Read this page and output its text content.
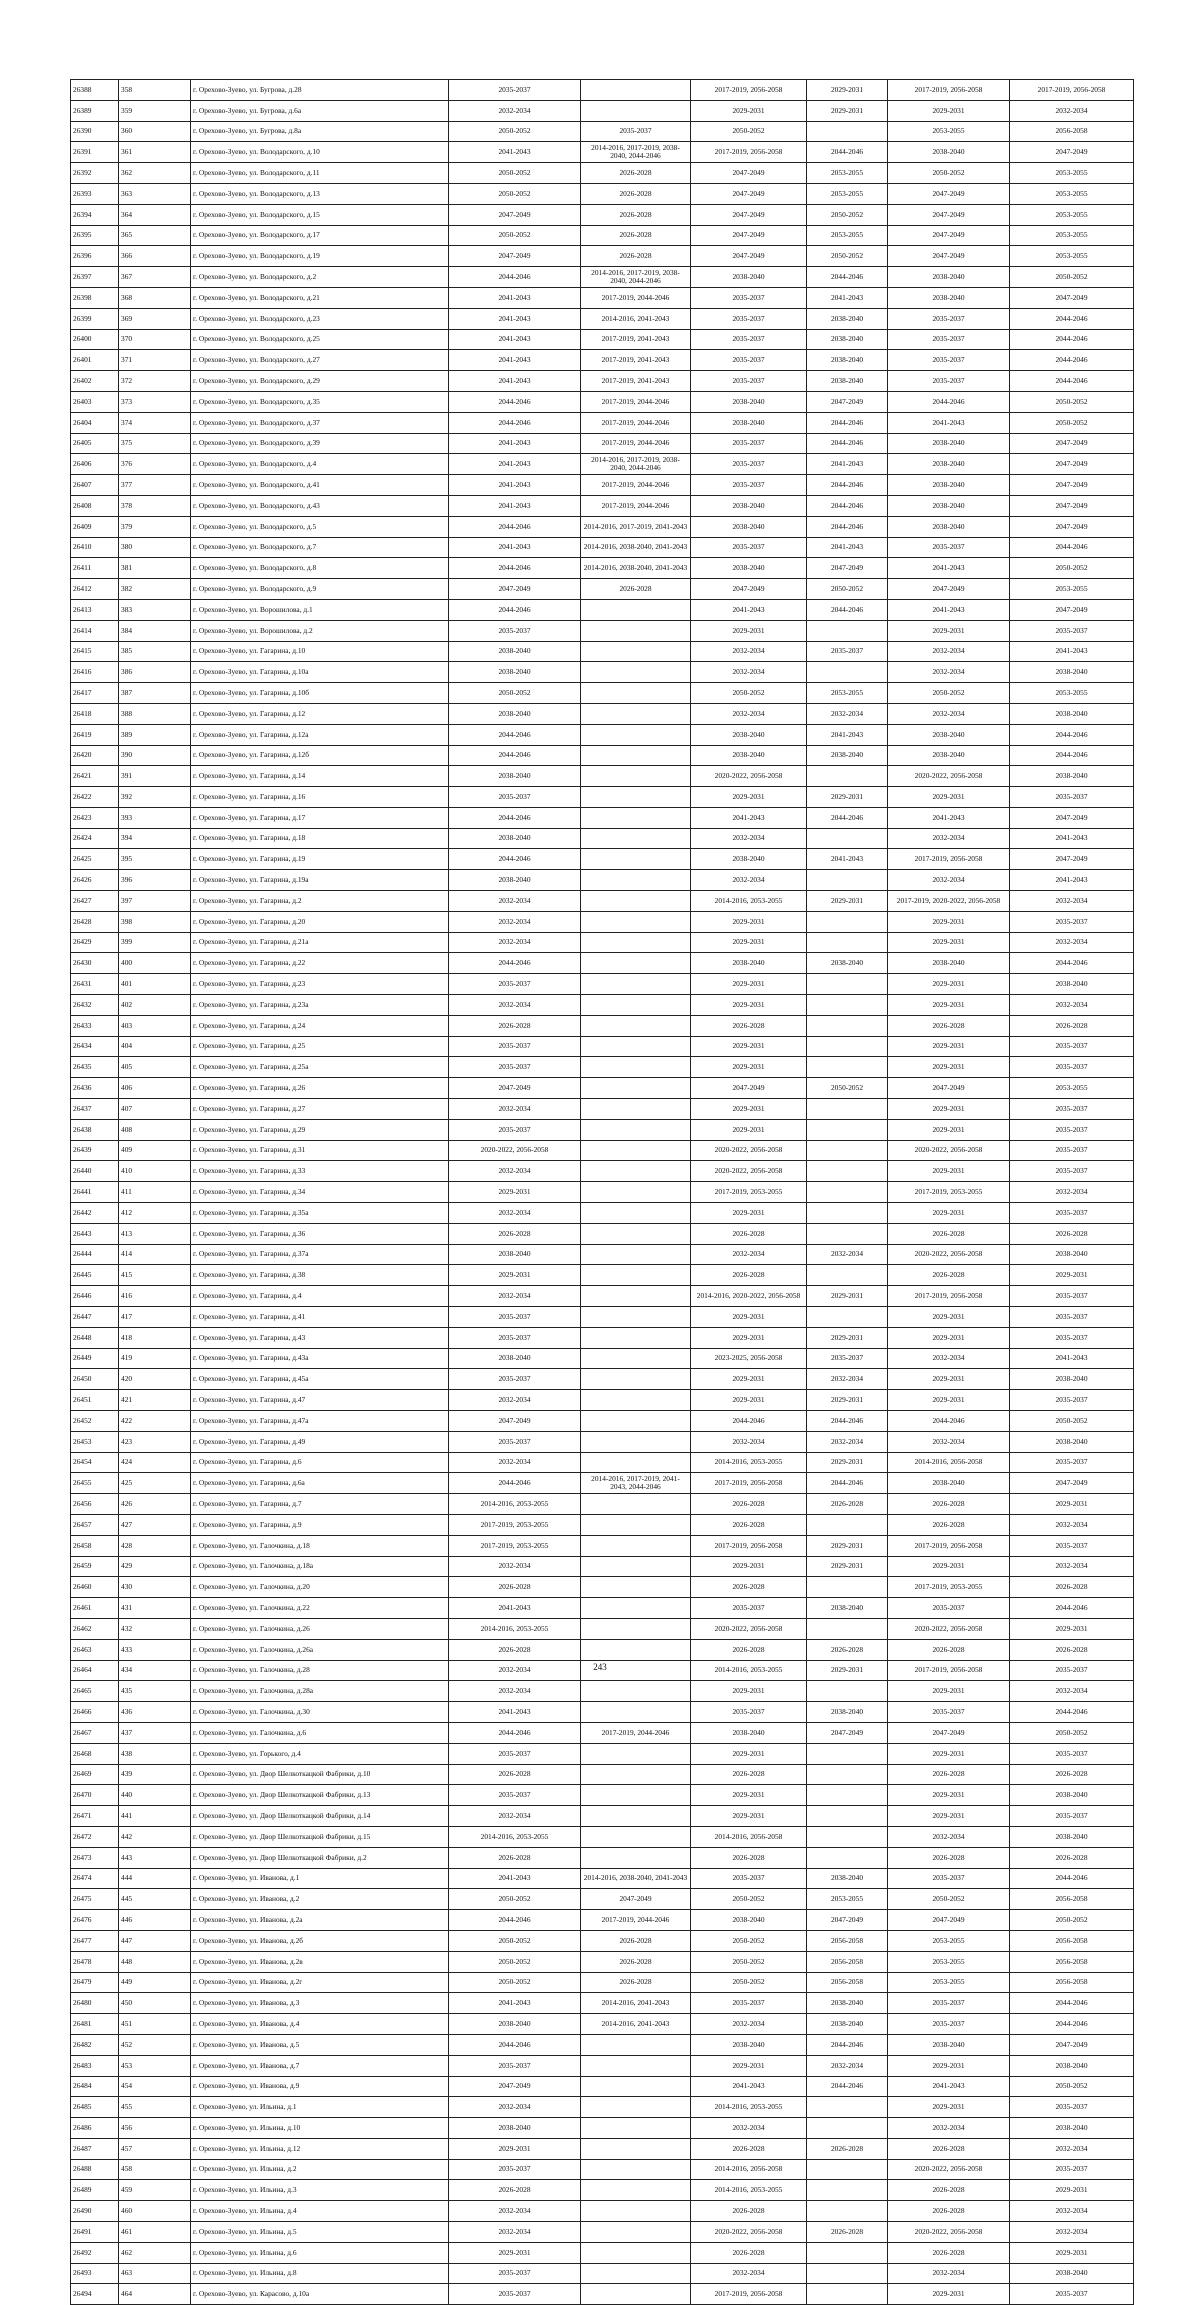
26388	358	г. Орехово-Зуево, ул. Бугрова, д.28	2035-2037		2017-2019, 2056-2058	2029-2031	2017-2019, 2056-2058	2017-2019, 2056-2058
26389	359	г. Орехово-Зуево, ул. Бугрова, д.6а	2032-2034		2029-2031	2029-2031	2029-2031	2032-2034
26390	360	г. Орехово-Зуево, ул. Бугрова, д.8а	2050-2052	2035-2037	2050-2052		2053-2055	2056-2058
26391	361	г. Орехово-Зуево, ул. Володарского, д.10	2041-2043	2014-2016, 2017-2019, 2038-2040, 2044-2046	2017-2019, 2056-2058	2044-2046	2038-2040	2047-2049
26392	362	г. Орехово-Зуево, ул. Володарского, д.11	2050-2052	2026-2028	2047-2049	2053-2055	2050-2052	2053-2055
26393	363	г. Орехово-Зуево, ул. Володарского, д.13	2050-2052	2026-2028	2047-2049	2053-2055	2047-2049	2053-2055
26394	364	г. Орехово-Зуево, ул. Володарского, д.15	2047-2049	2026-2028	2047-2049	2050-2052	2047-2049	2053-2055
26395	365	г. Орехово-Зуево, ул. Володарского, д.17	2050-2052	2026-2028	2047-2049	2053-2055	2047-2049	2053-2055
26396	366	г. Орехово-Зуево, ул. Володарского, д.19	2047-2049	2026-2028	2047-2049	2050-2052	2047-2049	2053-2055
26397	367	г. Орехово-Зуево, ул. Володарского, д.2	2044-2046	2014-2016, 2017-2019, 2038-2040, 2044-2046	2038-2040	2044-2046	2038-2040	2050-2052
26398	368	г. Орехово-Зуево, ул. Володарского, д.21	2041-2043	2017-2019, 2044-2046	2035-2037	2041-2043	2038-2040	2047-2049
26399	369	г. Орехово-Зуево, ул. Володарского, д.23	2041-2043	2014-2016, 2041-2043	2035-2037	2038-2040	2035-2037	2044-2046
26400	370	г. Орехово-Зуево, ул. Володарского, д.25	2041-2043	2017-2019, 2041-2043	2035-2037	2038-2040	2035-2037	2044-2046
26401	371	г. Орехово-Зуево, ул. Володарского, д.27	2041-2043	2017-2019, 2041-2043	2035-2037	2038-2040	2035-2037	2044-2046
26402	372	г. Орехово-Зуево, ул. Володарского, д.29	2041-2043	2017-2019, 2041-2043	2035-2037	2038-2040	2035-2037	2044-2046
26403	373	г. Орехово-Зуево, ул. Володарского, д.35	2044-2046	2017-2019, 2044-2046	2038-2040	2047-2049	2044-2046	2050-2052
26404	374	г. Орехово-Зуево, ул. Володарского, д.37	2044-2046	2017-2019, 2044-2046	2038-2040	2044-2046	2041-2043	2050-2052
26405	375	г. Орехово-Зуево, ул. Володарского, д.39	2041-2043	2017-2019, 2044-2046	2035-2037	2044-2046	2038-2040	2047-2049
26406	376	г. Орехово-Зуево, ул. Володарского, д.4	2041-2043	2014-2016, 2017-2019, 2038-2040, 2044-2046	2035-2037	2041-2043	2038-2040	2047-2049
26407	377	г. Орехово-Зуево, ул. Володарского, д.41	2041-2043	2017-2019, 2044-2046	2035-2037	2044-2046	2038-2040	2047-2049
26408	378	г. Орехово-Зуево, ул. Володарского, д.43	2041-2043	2017-2019, 2044-2046	2038-2040	2044-2046	2038-2040	2047-2049
26409	379	г. Орехово-Зуево, ул. Володарского, д.5	2044-2046	2014-2016, 2017-2019, 2041-2043	2038-2040	2044-2046	2038-2040	2047-2049
26410	380	г. Орехово-Зуево, ул. Володарского, д.7	2041-2043	2014-2016, 2038-2040, 2041-2043	2035-2037	2041-2043	2035-2037	2044-2046
26411	381	г. Орехово-Зуево, ул. Володарского, д.8	2044-2046	2014-2016, 2038-2040, 2041-2043	2038-2040	2047-2049	2041-2043	2050-2052
26412	382	г. Орехово-Зуево, ул. Володарского, д.9	2047-2049	2026-2028	2047-2049	2050-2052	2047-2049	2053-2055
26413	383	г. Орехово-Зуево, ул. Ворошилова, д.1	2044-2046		2041-2043	2044-2046	2041-2043	2047-2049
26414	384	г. Орехово-Зуево, ул. Ворошилова, д.2	2035-2037		2029-2031		2029-2031	2035-2037
26415	385	г. Орехово-Зуево, ул. Гагарина, д.10	2038-2040		2032-2034	2035-2037	2032-2034	2041-2043
26416	386	г. Орехово-Зуево, ул. Гагарина, д.10а	2038-2040		2032-2034		2032-2034	2038-2040
26417	387	г. Орехово-Зуево, ул. Гагарина, д.10б	2050-2052		2050-2052	2053-2055	2050-2052	2053-2055
26418	388	г. Орехово-Зуево, ул. Гагарина, д.12	2038-2040		2032-2034	2032-2034	2032-2034	2038-2040
26419	389	г. Орехово-Зуево, ул. Гагарина, д.12а	2044-2046		2038-2040	2041-2043	2038-2040	2044-2046
26420	390	г. Орехово-Зуево, ул. Гагарина, д.12б	2044-2046		2038-2040	2038-2040	2038-2040	2044-2046
26421	391	г. Орехово-Зуево, ул. Гагарина, д.14	2038-2040		2020-2022, 2056-2058		2020-2022, 2056-2058	2038-2040
26422	392	г. Орехово-Зуево, ул. Гагарина, д.16	2035-2037		2029-2031	2029-2031	2029-2031	2035-2037
26423	393	г. Орехово-Зуево, ул. Гагарина, д.17	2044-2046		2041-2043	2044-2046	2041-2043	2047-2049
26424	394	г. Орехово-Зуево, ул. Гагарина, д.18	2038-2040		2032-2034		2032-2034	2041-2043
26425	395	г. Орехово-Зуево, ул. Гагарина, д.19	2044-2046		2038-2040	2041-2043	2017-2019, 2056-2058	2047-2049
26426	396	г. Орехово-Зуево, ул. Гагарина, д.19а	2038-2040		2032-2034		2032-2034	2041-2043
26427	397	г. Орехово-Зуево, ул. Гагарина, д.2	2032-2034		2014-2016, 2053-2055	2029-2031	2017-2019, 2020-2022, 2056-2058	2032-2034
26428	398	г. Орехово-Зуево, ул. Гагарина, д.20	2032-2034		2029-2031		2029-2031	2035-2037
26429	399	г. Орехово-Зуево, ул. Гагарина, д.21а	2032-2034		2029-2031		2029-2031	2032-2034
26430	400	г. Орехово-Зуево, ул. Гагарина, д.22	2044-2046		2038-2040	2038-2040	2038-2040	2044-2046
26431	401	г. Орехово-Зуево, ул. Гагарина, д.23	2035-2037		2029-2031		2029-2031	2038-2040
26432	402	г. Орехово-Зуево, ул. Гагарина, д.23а	2032-2034		2029-2031		2029-2031	2032-2034
26433	403	г. Орехово-Зуево, ул. Гагарина, д.24	2026-2028		2026-2028		2026-2028	2026-2028
26434	404	г. Орехово-Зуево, ул. Гагарина, д.25	2035-2037		2029-2031		2029-2031	2035-2037
26435	405	г. Орехово-Зуево, ул. Гагарина, д.25а	2035-2037		2029-2031		2029-2031	2035-2037
26436	406	г. Орехово-Зуево, ул. Гагарина, д.26	2047-2049		2047-2049	2050-2052	2047-2049	2053-2055
26437	407	г. Орехово-Зуево, ул. Гагарина, д.27	2032-2034		2029-2031		2029-2031	2035-2037
26438	408	г. Орехово-Зуево, ул. Гагарина, д.29	2035-2037		2029-2031		2029-2031	2035-2037
26439	409	г. Орехово-Зуево, ул. Гагарина, д.31	2020-2022, 2056-2058		2020-2022, 2056-2058		2020-2022, 2056-2058	2035-2037
26440	410	г. Орехово-Зуево, ул. Гагарина, д.33	2032-2034		2020-2022, 2056-2058		2029-2031	2035-2037
26441	411	г. Орехово-Зуево, ул. Гагарина, д.34	2029-2031		2017-2019, 2053-2055		2017-2019, 2053-2055	2032-2034
26442	412	г. Орехово-Зуево, ул. Гагарина, д.35а	2032-2034		2029-2031		2029-2031	2035-2037
26443	413	г. Орехово-Зуево, ул. Гагарина, д.36	2026-2028		2026-2028		2026-2028	2026-2028
26444	414	г. Орехово-Зуево, ул. Гагарина, д.37а	2038-2040		2032-2034	2032-2034	2020-2022, 2056-2058	2038-2040
26445	415	г. Орехово-Зуево, ул. Гагарина, д.38	2029-2031		2026-2028		2026-2028	2029-2031
26446	416	г. Орехово-Зуево, ул. Гагарина, д.4	2032-2034		2014-2016, 2020-2022, 2056-2058	2029-2031	2017-2019, 2056-2058	2035-2037
26447	417	г. Орехово-Зуево, ул. Гагарина, д.41	2035-2037		2029-2031		2029-2031	2035-2037
26448	418	г. Орехово-Зуево, ул. Гагарина, д.43	2035-2037		2029-2031	2029-2031	2029-2031	2035-2037
26449	419	г. Орехово-Зуево, ул. Гагарина, д.43а	2038-2040		2023-2025, 2056-2058	2035-2037	2032-2034	2041-2043
26450	420	г. Орехово-Зуево, ул. Гагарина, д.45а	2035-2037		2029-2031	2032-2034	2029-2031	2038-2040
26451	421	г. Орехово-Зуево, ул. Гагарина, д.47	2032-2034		2029-2031	2029-2031	2029-2031	2035-2037
26452	422	г. Орехово-Зуево, ул. Гагарина, д.47а	2047-2049		2044-2046	2044-2046	2044-2046	2050-2052
26453	423	г. Орехово-Зуево, ул. Гагарина, д.49	2035-2037		2032-2034	2032-2034	2032-2034	2038-2040
26454	424	г. Орехово-Зуево, ул. Гагарина, д.6	2032-2034		2014-2016, 2053-2055	2029-2031	2014-2016, 2056-2058	2035-2037
26455	425	г. Орехово-Зуево, ул. Гагарина, д.6а	2044-2046	2014-2016, 2017-2019, 2041-2043, 2044-2046	2017-2019, 2056-2058	2044-2046	2038-2040	2047-2049
26456	426	г. Орехово-Зуево, ул. Гагарина, д.7	2014-2016, 2053-2055		2026-2028	2026-2028	2026-2028	2029-2031
26457	427	г. Орехово-Зуево, ул. Гагарина, д.9	2017-2019, 2053-2055		2026-2028		2026-2028	2032-2034
26458	428	г. Орехово-Зуево, ул. Галочкина, д.18	2017-2019, 2053-2055		2017-2019, 2056-2058	2029-2031	2017-2019, 2056-2058	2035-2037
26459	429	г. Орехово-Зуево, ул. Галочкина, д.18а	2032-2034		2029-2031	2029-2031	2029-2031	2032-2034
26460	430	г. Орехово-Зуево, ул. Галочкина, д.20	2026-2028		2026-2028		2017-2019, 2053-2055	2026-2028
26461	431	г. Орехово-Зуево, ул. Галочкина, д.22	2041-2043		2035-2037	2038-2040	2035-2037	2044-2046
26462	432	г. Орехово-Зуево, ул. Галочкина, д.26	2014-2016, 2053-2055		2020-2022, 2056-2058		2020-2022, 2056-2058	2029-2031
26463	433	г. Орехово-Зуево, ул. Галочкина, д.26а	2026-2028		2026-2028	2026-2028	2026-2028	2026-2028
26464	434	г. Орехово-Зуево, ул. Галочкина, д.28	2032-2034		2014-2016, 2053-2055	2029-2031	2017-2019, 2056-2058	2035-2037
26465	435	г. Орехово-Зуево, ул. Галочкина, д.28а	2032-2034		2029-2031		2029-2031	2032-2034
26466	436	г. Орехово-Зуево, ул. Галочкина, д.30	2041-2043		2035-2037	2038-2040	2035-2037	2044-2046
26467	437	г. Орехово-Зуево, ул. Галочкина, д.6	2044-2046	2017-2019, 2044-2046	2038-2040	2047-2049	2047-2049	2050-2052
26468	438	г. Орехово-Зуево, ул. Горького, д.4	2035-2037		2029-2031		2029-2031	2035-2037
26469	439	г. Орехово-Зуево, ул. Двор Шелкоткацкой Фабрики, д.10	2026-2028		2026-2028		2026-2028	2026-2028
26470	440	г. Орехово-Зуево, ул. Двор Шелкоткацкой Фабрики, д.13	2035-2037		2029-2031		2029-2031	2038-2040
26471	441	г. Орехово-Зуево, ул. Двор Шелкоткацкой Фабрики, д.14	2032-2034		2029-2031		2029-2031	2035-2037
26472	442	г. Орехово-Зуево, ул. Двор Шелкоткацкой Фабрики, д.15	2014-2016, 2053-2055		2014-2016, 2056-2058		2032-2034	2038-2040
26473	443	г. Орехово-Зуево, ул. Двор Шелкоткацкой Фабрики, д.2	2026-2028		2026-2028		2026-2028	2026-2028
26474	444	г. Орехово-Зуево, ул. Иванова, д.1	2041-2043	2014-2016, 2038-2040, 2041-2043	2035-2037	2038-2040	2035-2037	2044-2046
26475	445	г. Орехово-Зуево, ул. Иванова, д.2	2050-2052	2047-2049	2050-2052	2053-2055	2050-2052	2056-2058
26476	446	г. Орехово-Зуево, ул. Иванова, д.2а	2044-2046	2017-2019, 2044-2046	2038-2040	2047-2049	2047-2049	2050-2052
26477	447	г. Орехово-Зуево, ул. Иванова, д.2б	2050-2052	2026-2028	2050-2052	2056-2058	2053-2055	2056-2058
26478	448	г. Орехово-Зуево, ул. Иванова, д.2в	2050-2052	2026-2028	2050-2052	2056-2058	2053-2055	2056-2058
26479	449	г. Орехово-Зуево, ул. Иванова, д.2г	2050-2052	2026-2028	2050-2052	2056-2058	2053-2055	2056-2058
26480	450	г. Орехово-Зуево, ул. Иванова, д.3	2041-2043	2014-2016, 2041-2043	2035-2037	2038-2040	2035-2037	2044-2046
26481	451	г. Орехово-Зуево, ул. Иванова, д.4	2038-2040	2014-2016, 2041-2043	2032-2034	2038-2040	2035-2037	2044-2046
26482	452	г. Орехово-Зуево, ул. Иванова, д.5	2044-2046		2038-2040	2044-2046	2038-2040	2047-2049
26483	453	г. Орехово-Зуево, ул. Иванова, д.7	2035-2037		2029-2031	2032-2034	2029-2031	2038-2040
26484	454	г. Орехово-Зуево, ул. Иванова, д.9	2047-2049		2041-2043	2044-2046	2041-2043	2050-2052
26485	455	г. Орехово-Зуево, ул. Ильина, д.1	2032-2034		2014-2016, 2053-2055		2029-2031	2035-2037
26486	456	г. Орехово-Зуево, ул. Ильина, д.10	2038-2040		2032-2034		2032-2034	2038-2040
26487	457	г. Орехово-Зуево, ул. Ильина, д.12	2029-2031		2026-2028	2026-2028	2026-2028	2032-2034
26488	458	г. Орехово-Зуево, ул. Ильина, д.2	2035-2037		2014-2016, 2056-2058		2020-2022, 2056-2058	2035-2037
26489	459	г. Орехово-Зуево, ул. Ильина, д.3	2026-2028		2014-2016, 2053-2055		2026-2028	2029-2031
26490	460	г. Орехово-Зуево, ул. Ильина, д.4	2032-2034		2026-2028		2026-2028	2032-2034
26491	461	г. Орехово-Зуево, ул. Ильина, д.5	2032-2034		2020-2022, 2056-2058	2026-2028	2020-2022, 2056-2058	2032-2034
26492	462	г. Орехово-Зуево, ул. Ильина, д.6	2029-2031		2026-2028		2026-2028	2029-2031
26493	463	г. Орехово-Зуево, ул. Ильина, д.8	2035-2037		2032-2034		2032-2034	2038-2040
26494	464	г. Орехово-Зуево, ул. Карасово, д.10а	2035-2037		2017-2019, 2056-2058		2029-2031	2035-2037
243
